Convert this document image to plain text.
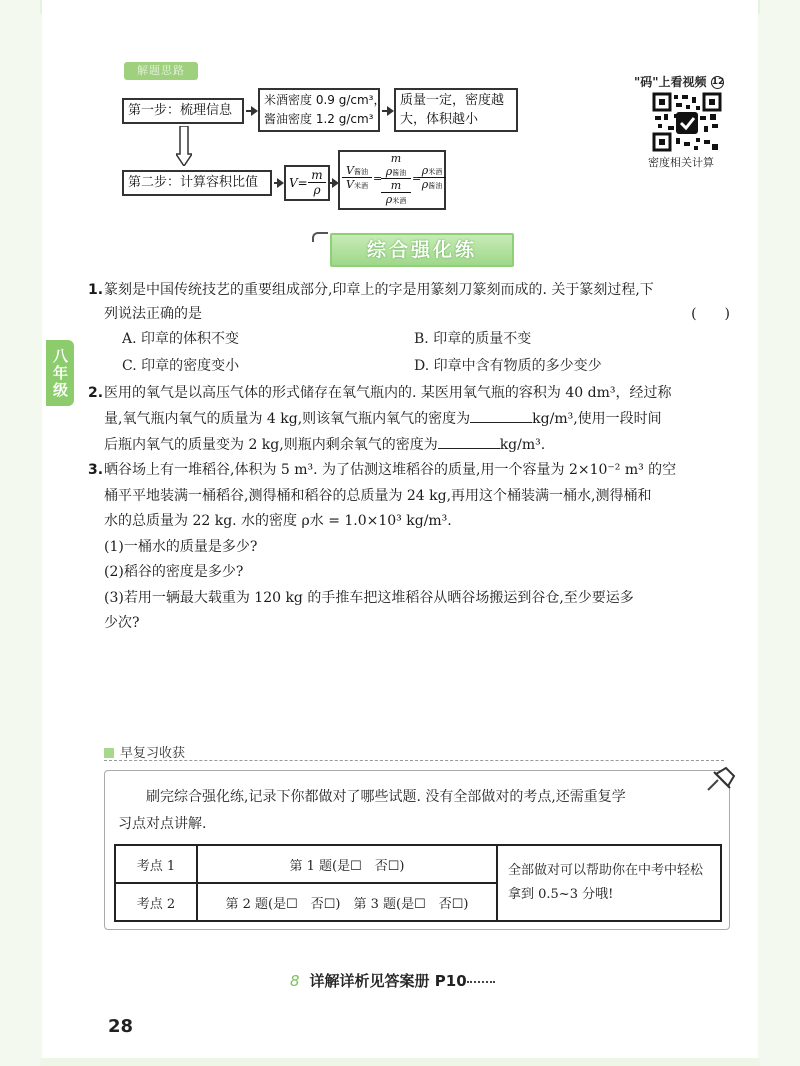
解题思路
第一步：梳理信息
米酒密度 0.9 g/cm³，
酱油密度 1.2 g/cm³
质量一定，密度越
大，体积越小
第二步：计算容积比值	$V= \frac{m}{\rho}$	V酱油
V米酒
=
m
ρ酱油
m
ρ米酒
=
ρ米酒
ρ酱油
"码"上看视频 12
密度相关计算
综合强化练
八年级
1. 篆刻是中国传统技艺的重要组成部分,印章上的字是用篆刻刀篆刻而成的. 关于篆刻过程,下
列说法正确的是	(　　)
A. 印章的体积不变	B. 印章的质量不变
C. 印章的密度变小	D. 印章中含有物质的多少变少
2. 医用的氧气是以高压气体的形式储存在氧气瓶内的. 某医用氧气瓶的容积为 40 dm³，经过称
量,氧气瓶内氧气的质量为 4 kg,则该氧气瓶内氧气的密度为	kg/m³,使用一段时间
后瓶内氧气的质量变为 2 kg,则瓶内剩余氧气的密度为	kg/m³.
3. 晒谷场上有一堆稻谷,体积为 5 m³. 为了估测这堆稻谷的质量,用一个容量为 2×10⁻² m³ 的空
桶平平地装满一桶稻谷,测得桶和稻谷的总质量为 24 kg,再用这个桶装满一桶水,测得桶和
水的总质量为 22 kg. 水的密度 ρ水 = 1.0×10³ kg/m³.
(1)一桶水的质量是多少?
(2)稻谷的密度是多少?
(3)若用一辆最大载重为 120 kg 的手推车把这堆稻谷从晒谷场搬运到谷仓,至少要运多
少次?
早复习收获
刷完综合强化练,记录下你都做对了哪些试题. 没有全部做对的考点,还需重复学
习点对点讲解.
考点 1	第 1 题(是☐　否☐)	全部做对可以帮助你在中考中轻松
拿到 0.5~3 分哦!

考点 2	第 2 题(是☐　否☐)　第 3 题(是☐　否☐)	
8 详解详析见答案册 P10
28
